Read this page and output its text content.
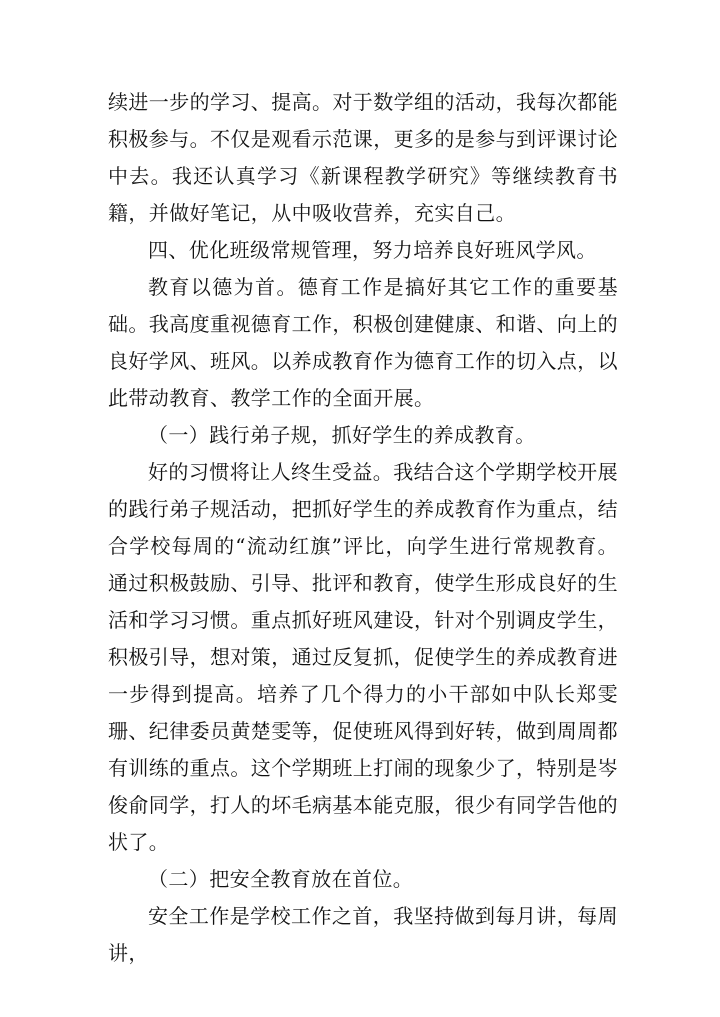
续进一步的学习、提高。对于数学组的活动，我每次都能积极参与。不仅是观看示范课，更多的是参与到评课讨论中去。我还认真学习《新课程教学研究》等继续教育书籍，并做好笔记，从中吸收营养，充实自己。

四、优化班级常规管理，努力培养良好班风学风。

教育以德为首。德育工作是搞好其它工作的重要基础。我高度重视德育工作，积极创建健康、和谐、向上的良好学风、班风。以养成教育作为德育工作的切入点，以此带动教育、教学工作的全面开展。

（一）践行弟子规，抓好学生的养成教育。

好的习惯将让人终生受益。我结合这个学期学校开展的践行弟子规活动，把抓好学生的养成教育作为重点，结合学校每周的“流动红旗”评比，向学生进行常规教育。通过积极鼓励、引导、批评和教育，使学生形成良好的生活和学习习惯。重点抓好班风建设，针对个别调皮学生，积极引导，想对策，通过反复抓，促使学生的养成教育进一步得到提高。培养了几个得力的小干部如中队长郑雯珊、纪律委员黄楚雯等，促使班风得到好转，做到周周都有训练的重点。这个学期班上打闹的现象少了，特别是岑俊俞同学，打人的坏毛病基本能克服，很少有同学告他的状了。

（二）把安全教育放在首位。

安全工作是学校工作之首，我坚持做到每月讲，每周讲，
